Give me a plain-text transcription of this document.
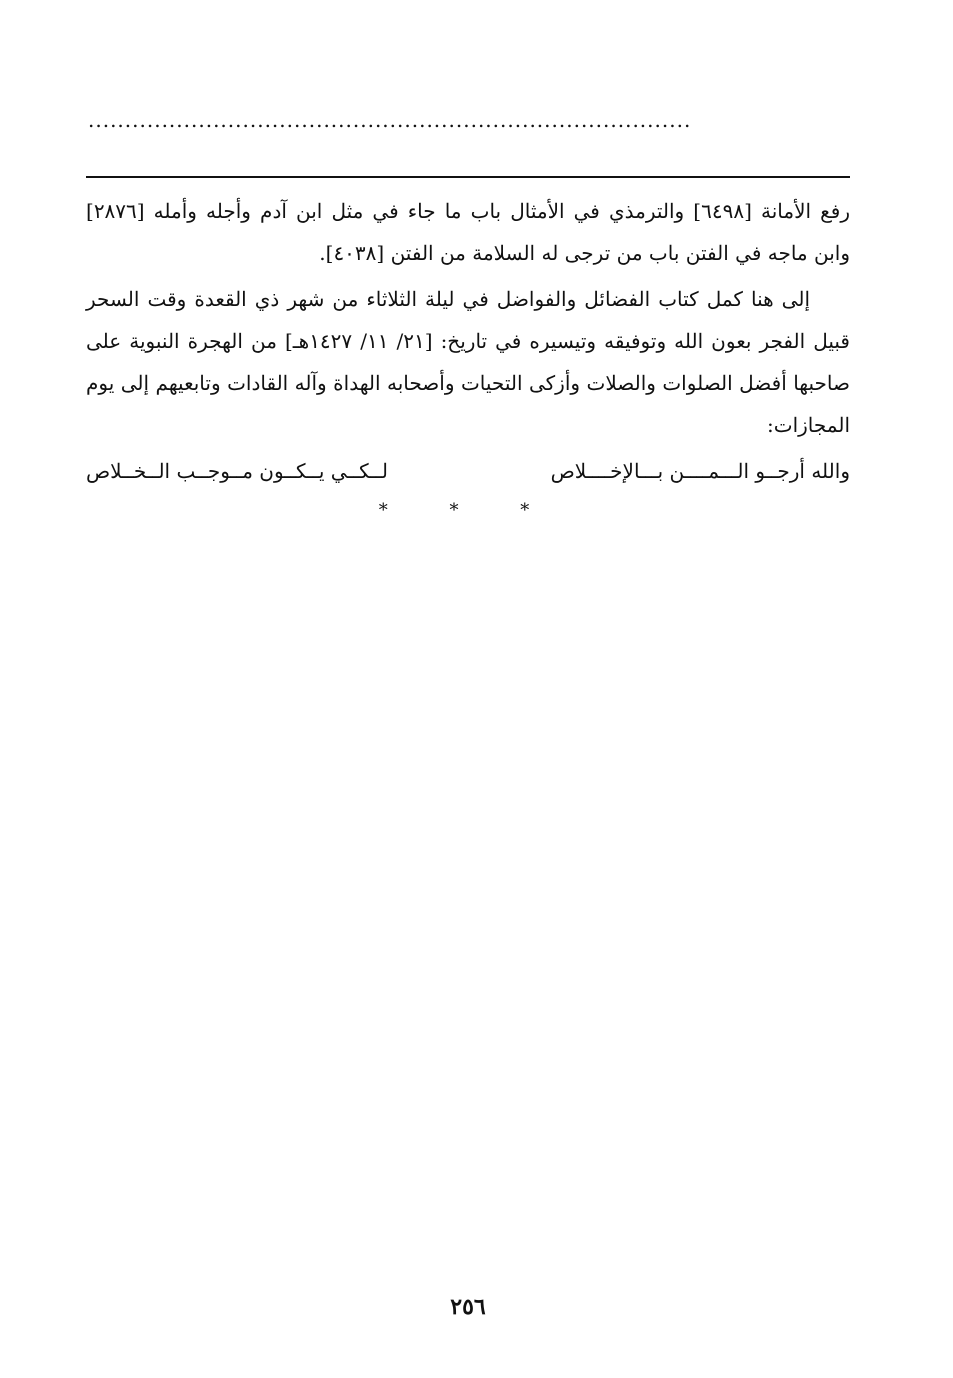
..................................................................................

رفع الأمانة [٦٤٩٨] والترمذي في الأمثال باب ما جاء في مثل ابن آدم وأجله وأمله [٢٨٧٦] وابن ماجه في الفتن باب من ترجى له السلامة من الفتن [٤٠٣٨].

إلى هنا كمل كتاب الفضائل والفواضل في ليلة الثلاثاء من شهر ذي القعدة وقت السحر قبيل الفجر بعون الله وتوفيقه وتيسيره في تاريخ: [٢١/ ١١/ ١٤٢٧هـ] من الهجرة النبوية على صاحبها أفضل الصلوات والصلات وأزكى التحيات وأصحابه الهداة وآله القادات وتابعيهم إلى يوم المجازات:

والله أرجــو الـــمــــن بـــالإخــــلاص
لــكــي يــكــون مــوجــب الــخــلاص
* * *
٢٥٦
